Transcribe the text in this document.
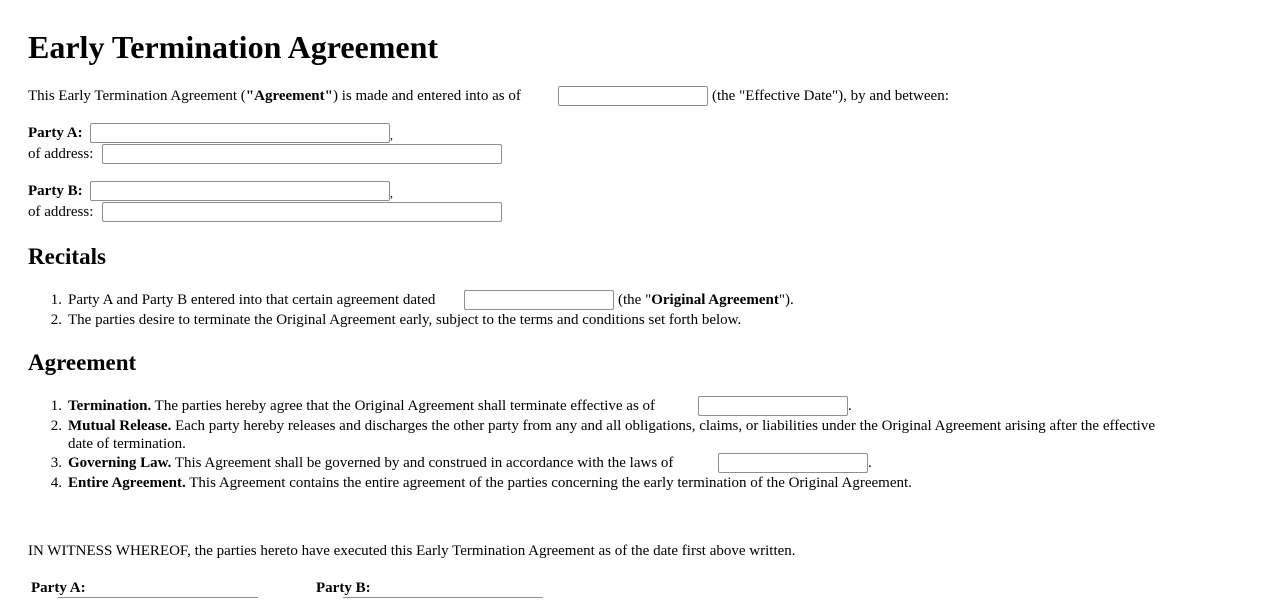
Early Termination Agreement
This Early Termination Agreement ("Agreement") is made and entered into as of	(the "Effective Date"), by and between:
Party A:	,
of address:
Party B:	,
of address:
Recitals
1. Party A and Party B entered into that certain agreement dated	(the "Original Agreement").
2. The parties desire to terminate the Original Agreement early, subject to the terms and conditions set forth below.
Agreement
1. Termination. The parties hereby agree that the Original Agreement shall terminate effective as of	.
2. Mutual Release. Each party hereby releases and discharges the other party from any and all obligations, claims, or liabilities under the Original Agreement arising after the effective
date of termination.
3. Governing Law. This Agreement shall be governed by and construed in accordance with the laws of	.
4. Entire Agreement. This Agreement contains the entire agreement of the parties concerning the early termination of the Original Agreement.
IN WITNESS WHEREOF, the parties hereto have executed this Early Termination Agreement as of the date first above written.
Party A:	Party B:
